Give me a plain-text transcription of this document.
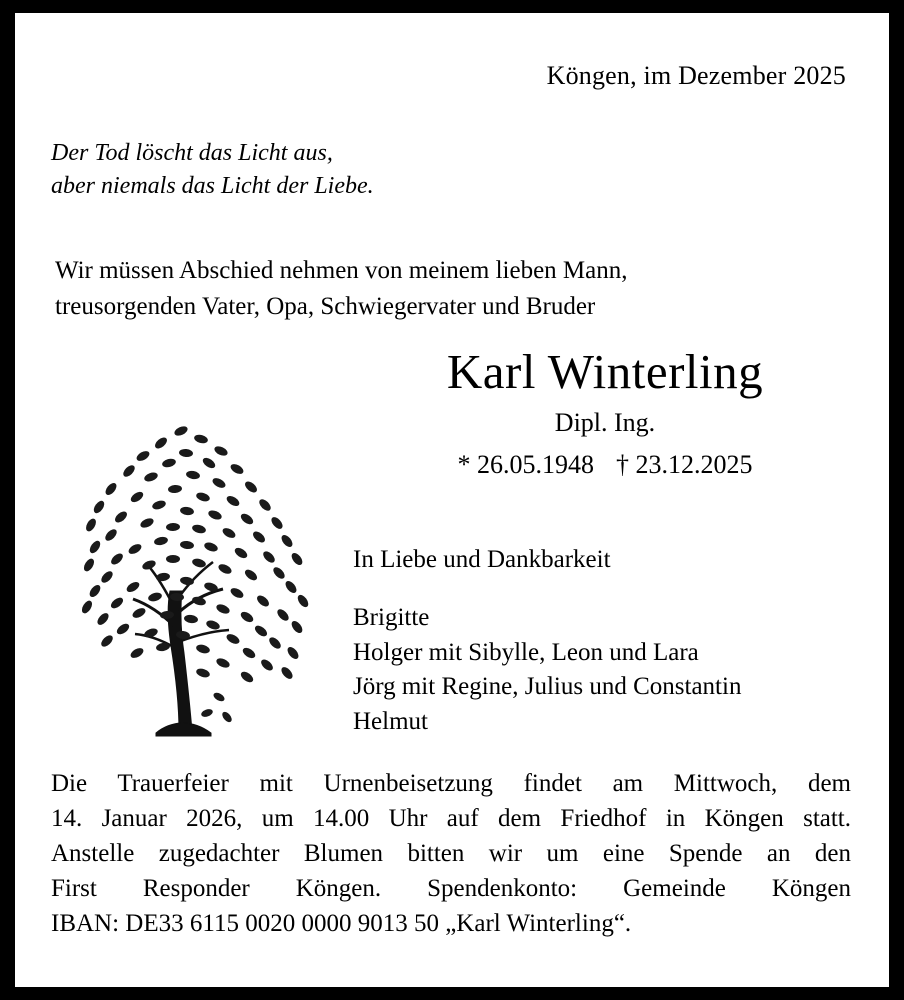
Köngen, im Dezember 2025
Der Tod löscht das Licht aus,
aber niemals das Licht der Liebe.
Wir müssen Abschied nehmen von meinem lieben Mann,
treusorgenden Vater, Opa, Schwiegervater und Bruder
Karl Winterling
Dipl. Ing.
* 26.05.1948 † 23.12.2025
In Liebe und Dankbarkeit
Brigitte
Holger mit Sibylle, Leon und Lara
Jörg mit Regine, Julius und Constantin
Helmut
Die Trauerfeier mit Urnenbeisetzung findet am Mittwoch, dem
14. Januar 2026, um 14.00 Uhr auf dem Friedhof in Köngen statt.
Anstelle zugedachter Blumen bitten wir um eine Spende an den
First Responder Köngen. Spendenkonto: Gemeinde Köngen
IBAN: DE33 6115 0020 0000 9013 50 „Karl Winterling“.
